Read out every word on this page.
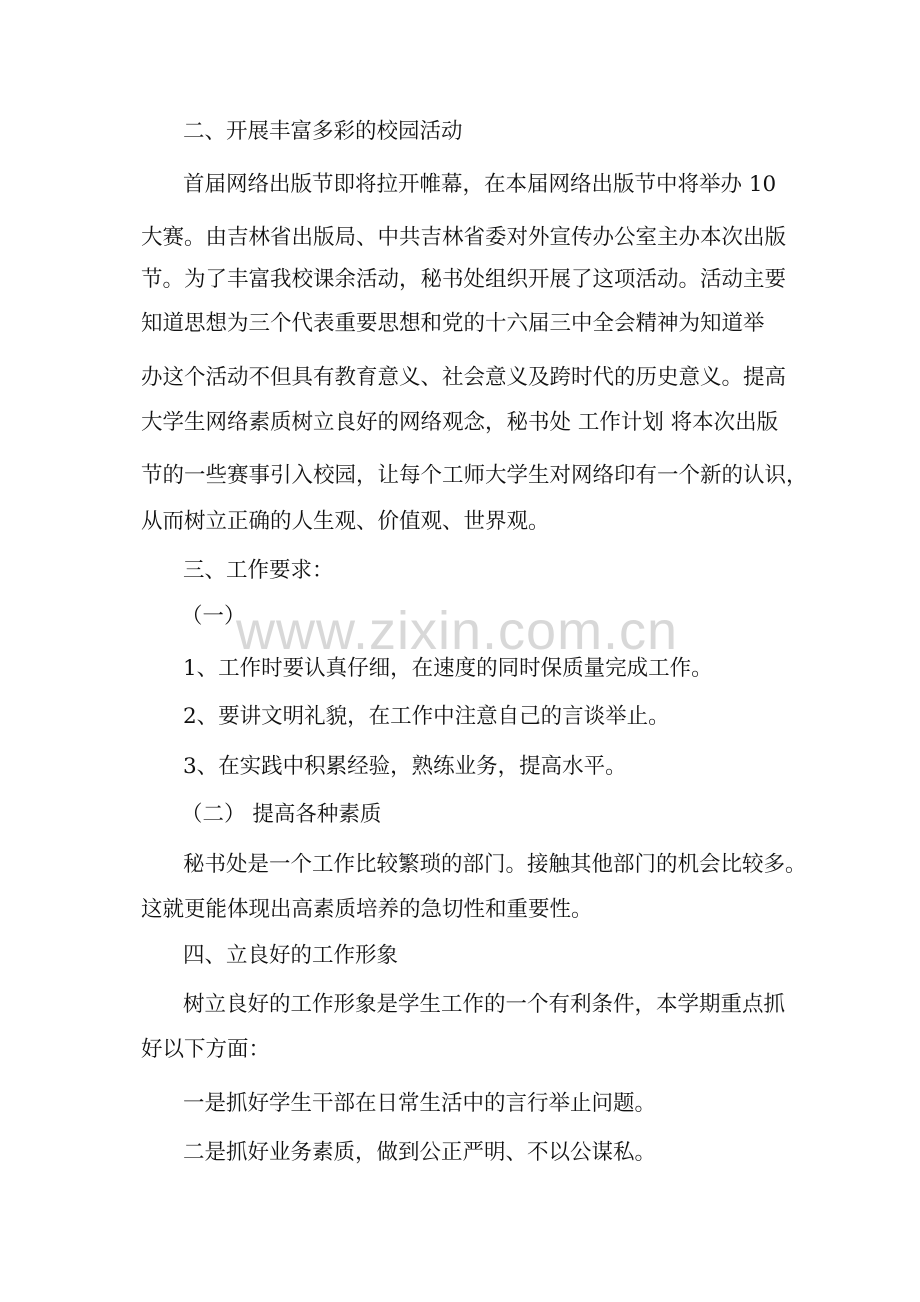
www.zixin.com.cn
二、开展丰富多彩的校园活动
首届网络出版节即将拉开帷幕，在本届网络出版节中将举办 10
大赛。由吉林省出版局、中共吉林省委对外宣传办公室主办本次出版
节。为了丰富我校课余活动，秘书处组织开展了这项活动。活动主要
知道思想为三个代表重要思想和党的十六届三中全会精神为知道举
办这个活动不但具有教育意义、社会意义及跨时代的历史意义。提高
大学生网络素质树立良好的网络观念，秘书处 工作计划 将本次出版
节的一些赛事引入校园，让每个工师大学生对网络印有一个新的认识，
从而树立正确的人生观、价值观、世界观。
三、工作要求：
（一）
1、工作时要认真仔细，在速度的同时保质量完成工作。
2、要讲文明礼貌，在工作中注意自己的言谈举止。
3、在实践中积累经验，熟练业务，提高水平。
（二） 提高各种素质
秘书处是一个工作比较繁琐的部门。接触其他部门的机会比较多。
这就更能体现出高素质培养的急切性和重要性。
四、立良好的工作形象
树立良好的工作形象是学生工作的一个有利条件，本学期重点抓
好以下方面：
一是抓好学生干部在日常生活中的言行举止问题。
二是抓好业务素质，做到公正严明、不以公谋私。
